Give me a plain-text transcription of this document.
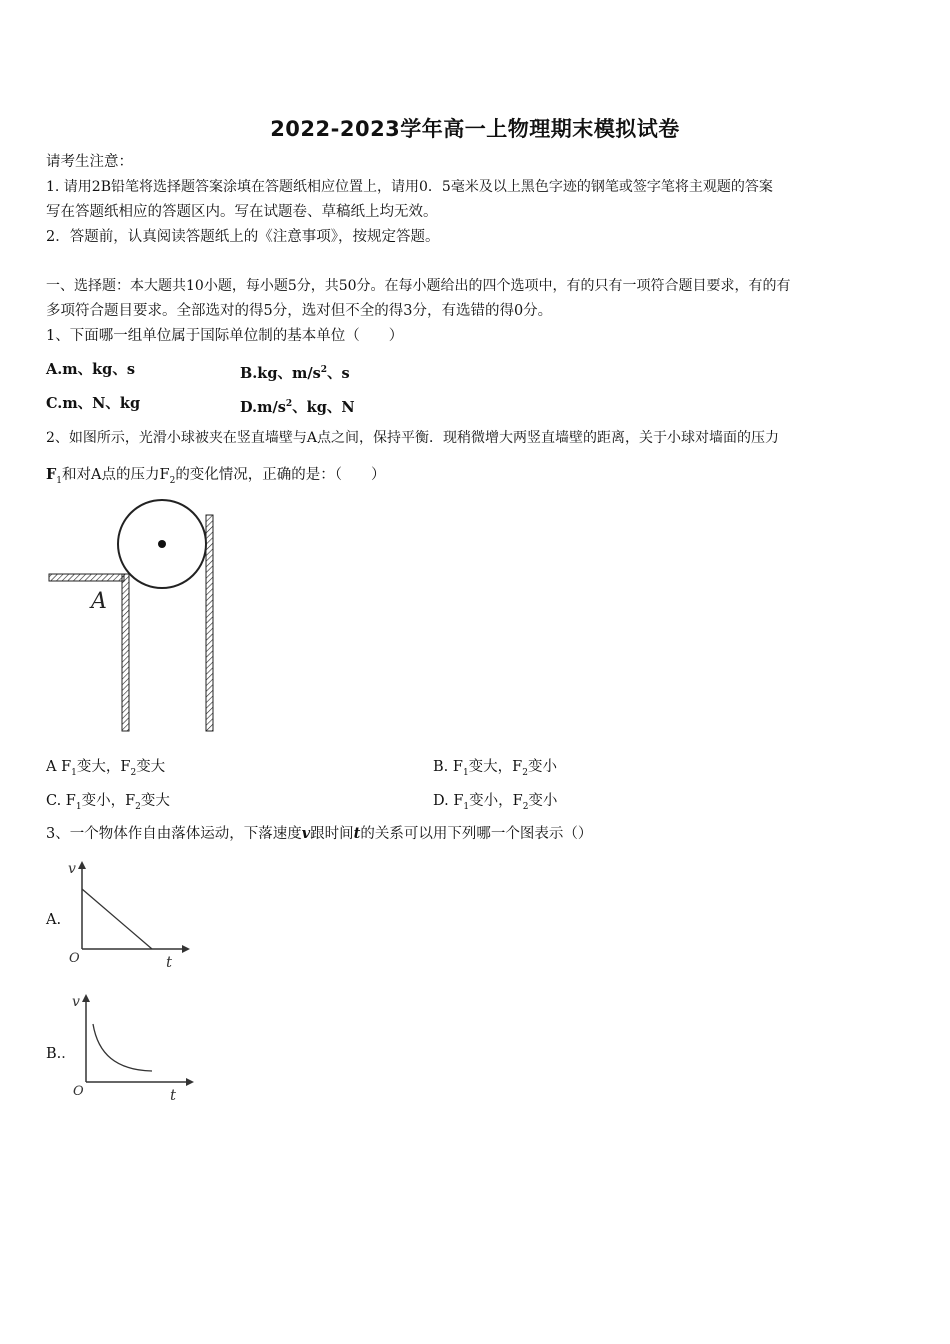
2022-2023学年高一上物理期末模拟试卷
请考生注意：
1. 请用2B铅笔将选择题答案涂填在答题纸相应位置上，请用0．5毫米及以上黑色字迹的钢笔或签字笔将主观题的答案
写在答题纸相应的答题区内。写在试题卷、草稿纸上均无效。
2．答题前，认真阅读答题纸上的《注意事项》，按规定答题。
一、选择题：本大题共10小题，每小题5分，共50分。在每小题给出的四个选项中，有的只有一项符合题目要求，有的有
多项符合题目要求。全部选对的得5分，选对但不全的得3分，有选错的得0分。
1、下面哪一组单位属于国际单位制的基本单位（　　）
A.m、kg、s	B.kg、$m/s^2$、s
C.m、N、kg	$D.m/s^2$、kg、N
2、如图所示，光滑小球被夹在竖直墙壁与A点之间，保持平衡．现稍微增大两竖直墙壁的距离，关于小球对墙面的压力
$F_1$和对A点的压力$F_2$的变化情况，正确的是：（　　）
A
A $F_1$变大，$F_2$变大	B. $F_1$变大，$F_2$变小
C. $F_1$变小，$F_2$变大	D. $F_1$变小，$F_2$变小
3、一个物体作自由落体运动，下落速度v跟时间t的关系可以用下列哪一个图表示（）
A.
v
t
O
B.．
v
t
O
